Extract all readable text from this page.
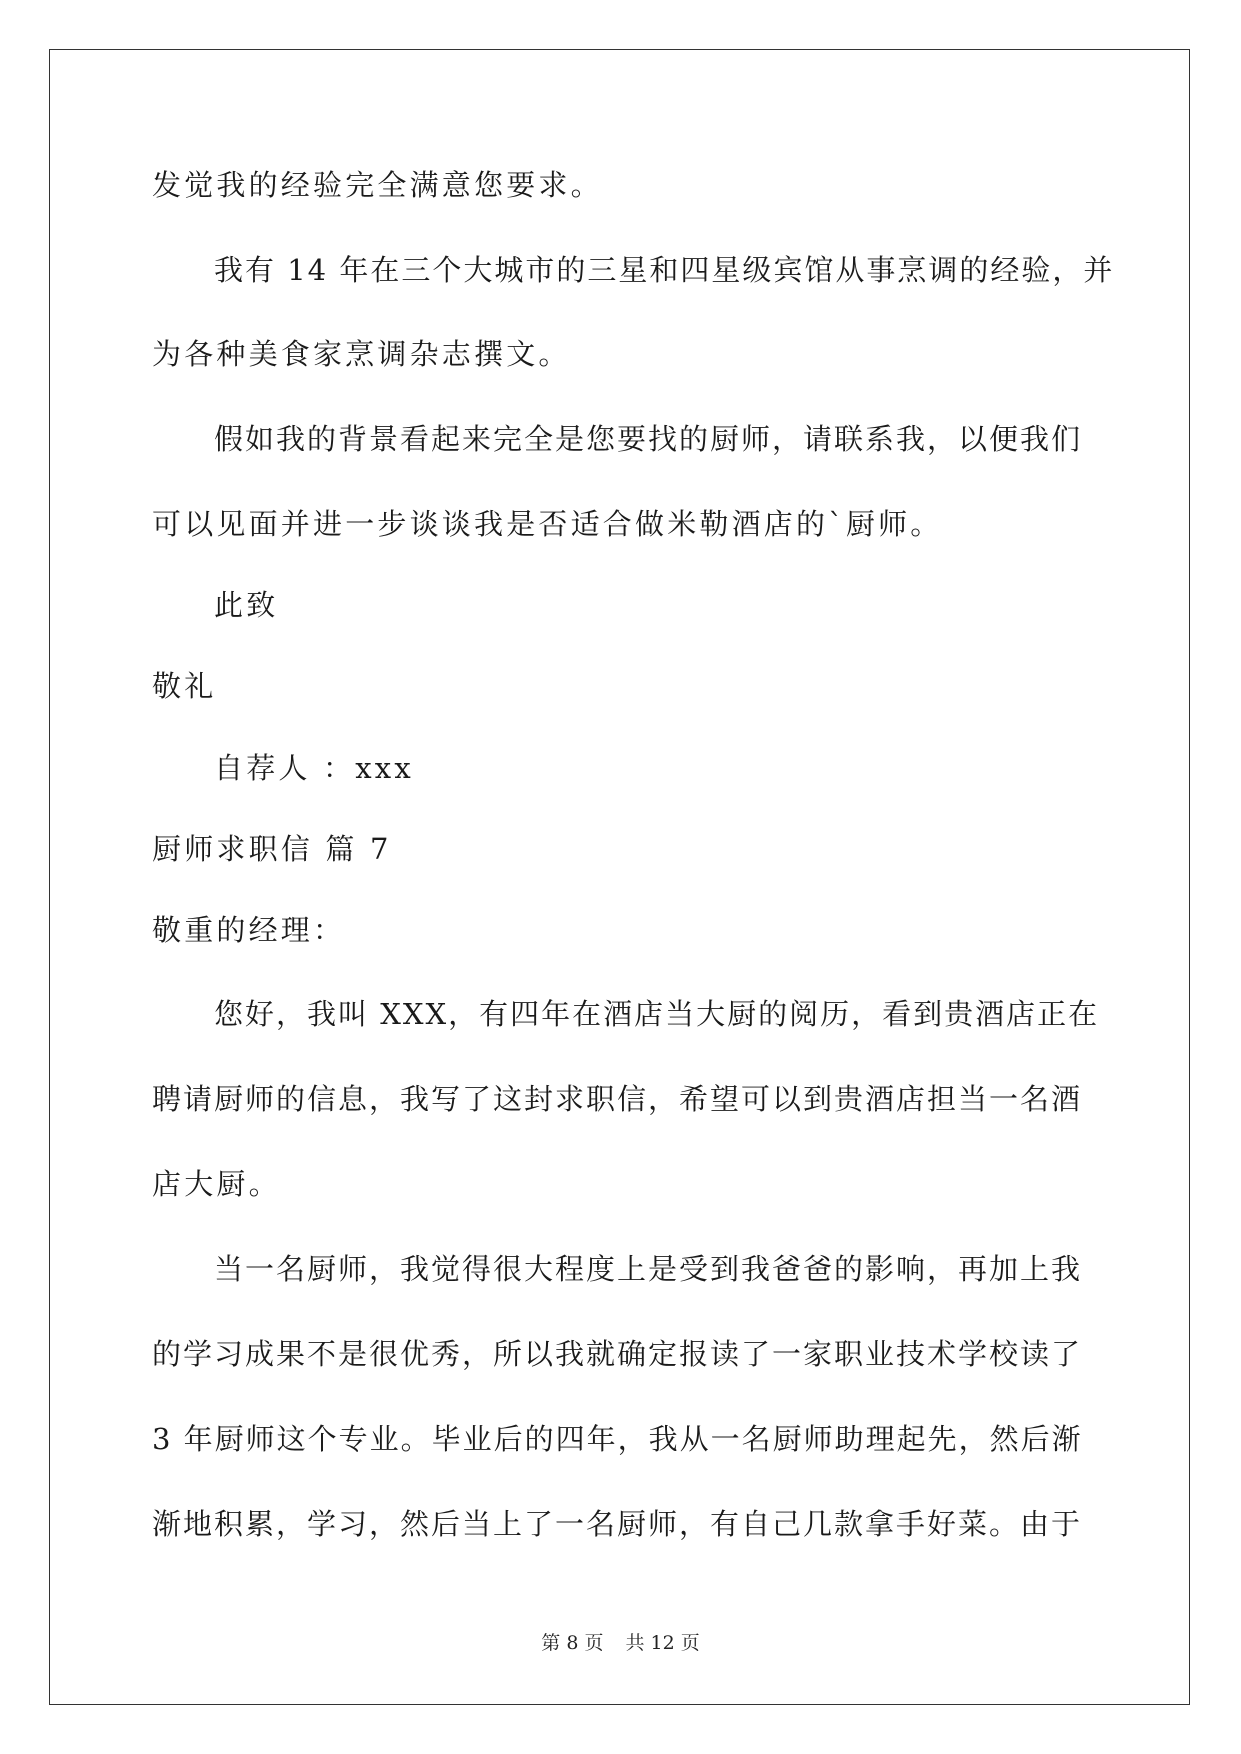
发觉我的经验完全满意您要求。
我有 14 年在三个大城市的三星和四星级宾馆从事烹调的经验，并
为各种美食家烹调杂志撰文。
假如我的背景看起来完全是您要找的厨师，请联系我，以便我们
可以见面并进一步谈谈我是否适合做米勒酒店的`厨师。
此致
敬礼
自荐人 ：xxx
厨师求职信 篇 7
敬重的经理：
您好，我叫 XXX，有四年在酒店当大厨的阅历，看到贵酒店正在
聘请厨师的信息，我写了这封求职信，希望可以到贵酒店担当一名酒
店大厨。
当一名厨师，我觉得很大程度上是受到我爸爸的影响，再加上我
的学习成果不是很优秀，所以我就确定报读了一家职业技术学校读了
3 年厨师这个专业。毕业后的四年，我从一名厨师助理起先，然后渐
渐地积累，学习，然后当上了一名厨师，有自己几款拿手好菜。由于
第 8 页 共 12 页
